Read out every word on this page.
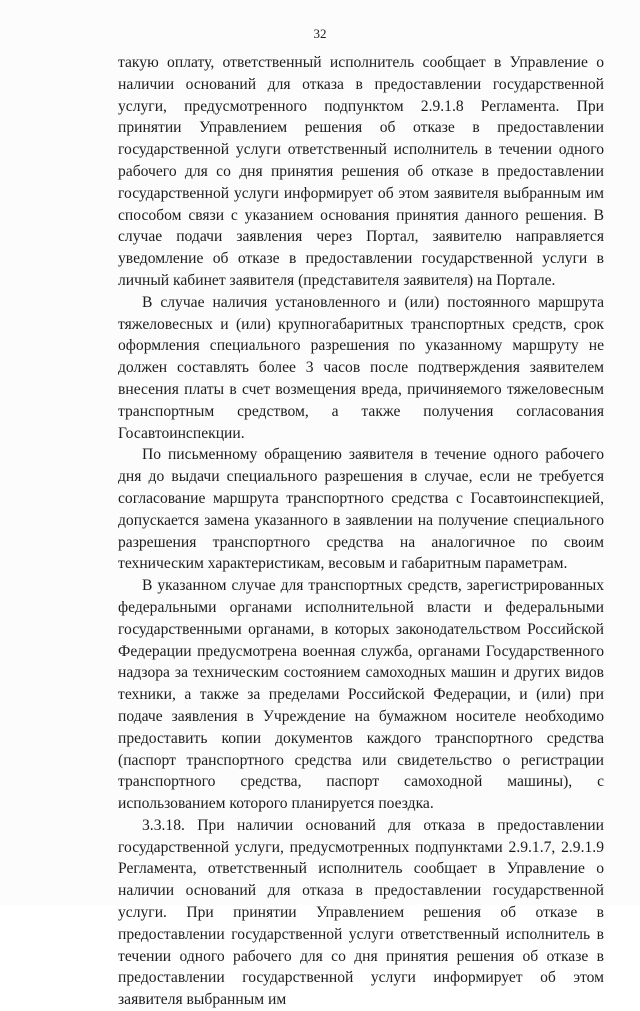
32

такую оплату, ответственный исполнитель сообщает в Управление о наличии оснований для отказа в предоставлении государственной услуги, предусмотренного подпунктом 2.9.1.8 Регламента. При принятии Управлением решения об отказе в предоставлении государственной услуги ответственный исполнитель в течении одного рабочего для со дня принятия решения об отказе в предоставлении государственной услуги информирует об этом заявителя выбранным им способом связи с указанием основания принятия данного решения. В случае подачи заявления через Портал, заявителю направляется уведомление об отказе в предоставлении государственной услуги в личный кабинет заявителя (представителя заявителя) на Портале.

В случае наличия установленного и (или) постоянного маршрута тяжеловесных и (или) крупногабаритных транспортных средств, срок оформления специального разрешения по указанному маршруту не должен составлять более 3 часов после подтверждения заявителем внесения платы в счет возмещения вреда, причиняемого тяжеловесным транспортным средством, а также получения согласования Госавтоинспекции.

По письменному обращению заявителя в течение одного рабочего дня до выдачи специального разрешения в случае, если не требуется согласование маршрута транспортного средства с Госавтоинспекцией, допускается замена указанного в заявлении на получение специального разрешения транспортного средства на аналогичное по своим техническим характеристикам, весовым и габаритным параметрам.

В указанном случае для транспортных средств, зарегистрированных федеральными органами исполнительной власти и федеральными государственными органами, в которых законодательством Российской Федерации предусмотрена военная служба, органами Государственного надзора за техническим состоянием самоходных машин и других видов техники, а также за пределами Российской Федерации, и (или) при подаче заявления в Учреждение на бумажном носителе необходимо предоставить копии документов каждого транспортного средства (паспорт транспортного средства или свидетельство о регистрации транспортного средства, паспорт самоходной машины), с использованием которого планируется поездка.

3.3.18. При наличии оснований для отказа в предоставлении государственной услуги, предусмотренных подпунктами 2.9.1.7, 2.9.1.9 Регламента, ответственный исполнитель сообщает в Управление о наличии оснований для отказа в предоставлении государственной услуги. При принятии Управлением решения об отказе в предоставлении государственной услуги ответственный исполнитель в течении одного рабочего для со дня принятия решения об отказе в предоставлении государственной услуги информирует об этом заявителя выбранным им
